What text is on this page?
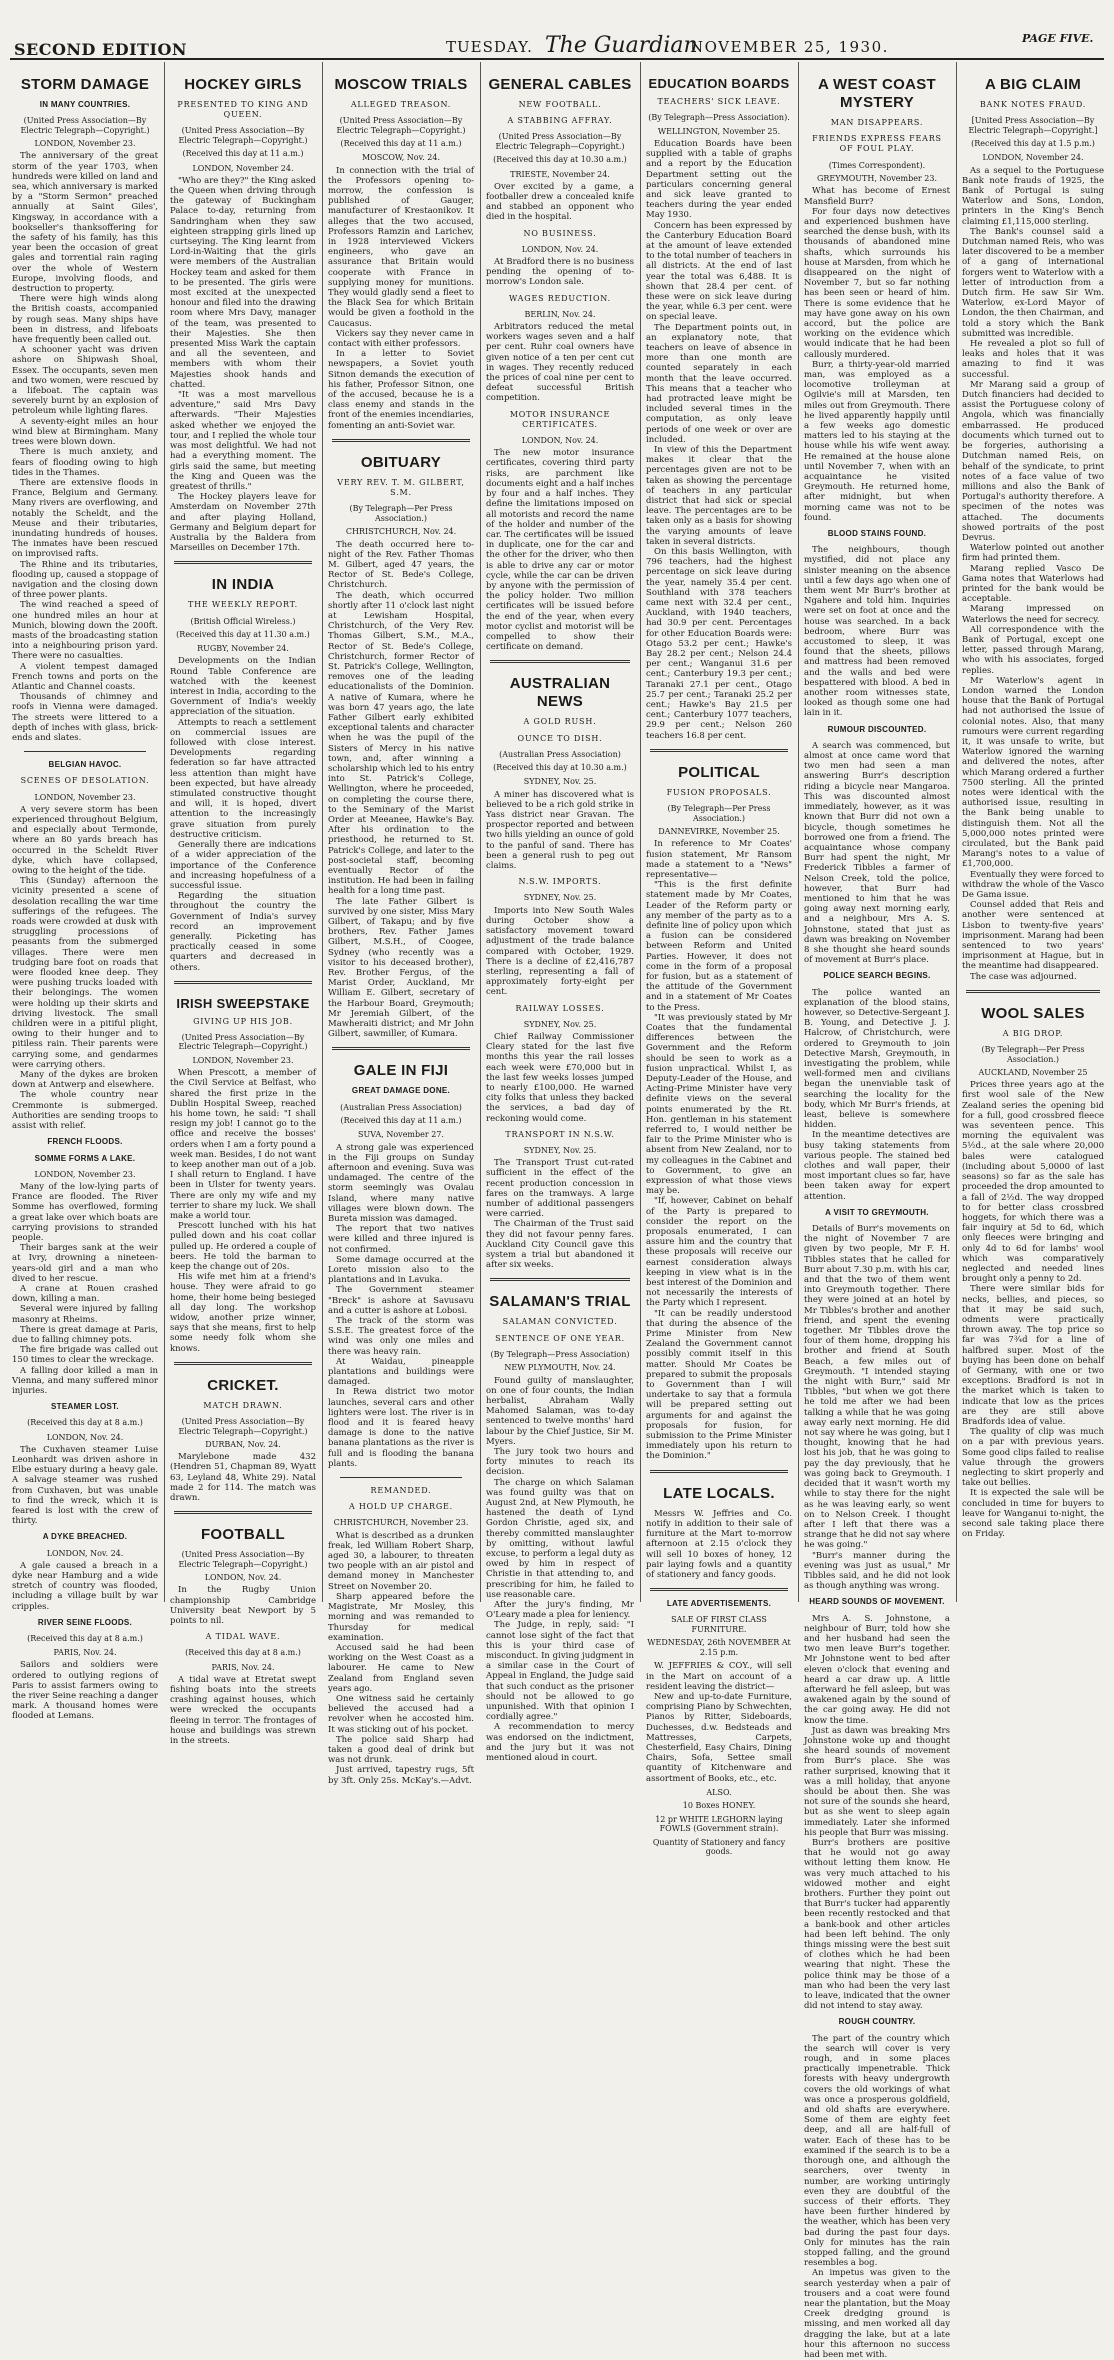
SECOND EDITION	TUESDAY. The Guardian
NOVEMBER 25, 1930.	PAGE FIVE.
STORM DAMAGE
IN MANY COUNTRIES.
(United Press Association—By Electric Telegraph—Copyright.)
LONDON, November 23.

The anniversary of the great storm of the year 1703, when hundreds were killed on land and sea, which anniversary is marked by a "Storm Sermon" preached annually at Saint Giles', Kingsway, in accordance with a bookseller's thanksoffering for the safety of his family, has this year been the occasion of great gales and torrential rain raging over the whole of Western Europe, involving floods, and destruction to property.

There were high winds along the British coasts, accompanied by rough seas. Many ships have been in distress, and lifeboats have frequently been called out.

A schooner yacht was driven ashore on Shipwash Shoal, Essex. The occupants, seven men and two women, were rescued by a lifeboat. The captain was severely burnt by an explosion of petroleum while lighting flares.

A seventy-eight miles an hour wind blew at Birmingham. Many trees were blown down.

There is much anxiety, and fears of flooding owing to high tides in the Thames.

There are extensive floods in France, Belgium and Germany. Many rivers are overflowing, and notably the Scheldt, and the Meuse and their tributaries, inundating hundreds of houses. The inmates have been rescued on improvised rafts.

The Rhine and its tributaries, flooding up, caused a stoppage of navigation and the closing down of three power plants.

The wind reached a speed of one hundred miles an hour at Munich, blowing down the 200ft. masts of the broadcasting station into a neighbouring prison yard. There were no casualties.

A violent tempest damaged French towns and ports on the Atlantic and Channel coasts.

Thousands of chimney and roofs in Vienna were damaged. The streets were littered to a depth of inches with glass, brick-ends and slates.

BELGIAN HAVOC.
SCENES OF DESOLATION.
LONDON, November 23.

A very severe storm has been experienced throughout Belgium, and especially about Termonde, where an 80 yards breach has occurred in the Scheldt River dyke, which have collapsed, owing to the height of the tide.

This (Sunday) afternoon the vicinity presented a scene of desolation recalling the war time sufferings of the refugees. The roads were crowded at dusk with struggling processions of peasants from the submerged villages. There were men trudging bare foot on roads that were flooded knee deep. They were pushing trucks loaded with their belongings. The women were holding up their skirts and driving livestock. The small children were in a pitiful plight, owing to their hunger and to pitiless rain. Their parents were carrying some, and gendarmes were carrying others.

Many of the dykes are broken down at Antwerp and elsewhere.

The whole country near Cremmonte is submerged. Authorities are sending troops to assist with relief.

FRENCH FLOODS.
SOMME FORMS A LAKE.
LONDON, November 23.

Many of the low-lying parts of France are flooded. The River Somme has overflowed, forming a great lake over which boats are carrying provisions to stranded people.

Their barges sank at the weir at Ivry, drowning a nineteen-years-old girl and a man who dived to her rescue.

A crane at Rouen crashed down, killing a man.

Several were injured by falling masonry at Rheims.

There is great damage at Paris, due to falling chimney pots.

The fire brigade was called out 150 times to clear the wreckage.

A falling door killed a man in Vienna, and many suffered minor injuries.

STEAMER LOST.
(Received this day at 8 a.m.)
LONDON, Nov. 24.

The Cuxhaven steamer Luise Leonhardt was driven ashore in Elbe estuary during a heavy gale. A salvage steamer was rushed from Cuxhaven, but was unable to find the wreck, which it is feared is lost with the crew of thirty.

A DYKE BREACHED.
LONDON, Nov. 24.

A gale caused a breach in a dyke near Hamburg and a wide stretch of country was flooded, including a village built by war cripples.

RIVER SEINE FLOODS.
(Received this day at 8 a.m.)
PARIS, Nov. 24.

Sailors and soldiers were ordered to outlying regions of Paris to assist farmers owing to the river Seine reaching a danger mark. A thousand homes were flooded at Lemans.

HOCKEY GIRLS
PRESENTED TO KING AND QUEEN.
(United Press Association—By Electric Telegraph—Copyright.)
(Received this day at 11 a.m.)
LONDON, November 24.

"Who are they?" the King asked the Queen when driving through the gateway of Buckingham Palace to-day, returning from Sandringham when they saw eighteen strapping girls lined up curtseying. The King learnt from Lord-in-Waiting that the girls were members of the Australian Hockey team and asked for them to be presented. The girls were most excited at the unexpected honour and filed into the drawing room where Mrs Davy, manager of the team, was presented to their Majesties. She then presented Miss Wark the captain and all the seventeen, and members with whom their Majesties shook hands and chatted.

"It was a most marvellous adventure," said Mrs Davy afterwards. "Their Majesties asked whether we enjoyed the tour, and I replied the whole tour was most delightful. We had not had a everything moment. The girls said the same, but meeting the King and Queen was the greatest of thrills."

The Hockey players leave for Amsterdam on November 27th and after playing Holland, Germany and Belgium depart for Australia by the Baldera from Marseilles on December 17th.

IN INDIA
THE WEEKLY REPORT.
(British Official Wireless.)
(Received this day at 11.30 a.m.)
RUGBY, November 24.

Developments on the Indian Round Table Conference are watched with the keenest interest in India, according to the Government of India's weekly appreciation of the situation.

Attempts to reach a settlement on commercial issues are followed with close interest. Developments regarding federation so far have attracted less attention than might have been expected, but have already stimulated constructive thought and will, it is hoped, divert attention to the increasingly grave situation from purely destructive criticism.

Generally there are indications of a wider appreciation of the importance of the Conference and increasing hopefulness of a successful issue.

Regarding the situation throughout the country the Government of India's survey record an improvement generally. Picketing has practically ceased in some quarters and decreased in others.

IRISH SWEEPSTAKE
GIVING UP HIS JOB.
(United Press Association—By Electric Telegraph—Copyright.)
LONDON, November 23.

When Prescott, a member of the Civil Service at Belfast, who shared the first prize in the Dublin Hospital Sweep, reached his home town, he said: "I shall resign my job! I cannot go to the office and receive the bosses' orders when I am a forty pound a week man. Besides, I do not want to keep another man out of a job. I shall return to England. I have been in Ulster for twenty years. There are only my wife and my terrier to share my luck. We shall make a world tour.

Prescott lunched with his hat pulled down and his coat collar pulled up. He ordered a couple of beers. He told the barman to keep the change out of 20s.

His wife met him at a friend's house. They were afraid to go home, their home being besieged all day long. The workshop widow, another prize winner, says that she means, first to help some needy folk whom she knows.

CRICKET.
MATCH DRAWN.
(United Press Association—By Electric Telegraph—Copyright.)
DURBAN, Nov. 24.

Marylebone made 432 (Hendren 51, Chapman 89, Wyatt 63, Leyland 48, White 29). Natal made 2 for 114. The match was drawn.

FOOTBALL
(United Press Association—By Electric Telegraph—Copyright.)
LONDON, Nov. 24.

In the Rugby Union championship Cambridge University beat Newport by 5 points to nil.

A TIDAL WAVE.
(Received this day at 8 a.m.)
PARIS, Nov. 24.

A tidal wave at Etretat swept fishing boats into the streets crashing against houses, which were wrecked the occupants fleeing in terror. The frontages of house and buildings was strewn in the streets.

MOSCOW TRIALS
ALLEGED TREASON.
(United Press Association—By Electric Telegraph—Copyright.)
(Received this day at 11 a.m.)
MOSCOW, Nov. 24.

In connection with the trial of the Professors opening to-morrow, the confession is published of Gauger, manufacturer of Krestaonikov. It alleges that the two accused, Professors Ramzin and Larichev, in 1928 interviewed Vickers engineers, who gave an assurance that Britain would cooperate with France in supplying money for munitions. They would gladly send a fleet to the Black Sea for which Britain would be given a foothold in the Caucasus.

Vickers say they never came in contact with either professors.

In a letter to Soviet newspapers, a Soviet youth Sitnon demands the execution of his father, Professor Sitnon, one of the accused, because he is a class enemy and stands in the front of the enemies incendiaries, fomenting an anti-Soviet war.

OBITUARY
VERY REV. T. M. GILBERT, S.M.
(By Telegraph—Per Press Association.)
CHRISTCHURCH, Nov. 24.

The death occurred here to-night of the Rev. Father Thomas M. Gilbert, aged 47 years, the Rector of St. Bede's College, Christchurch.

The death, which occurred shortly after 11 o'clock last night at Lewisham Hospital, Christchurch, of the Very Rev. Thomas Gilbert, S.M., M.A., Rector of St. Bede's College, Christchurch, former Rector of St. Patrick's College, Wellington, removes one of the leading educationalists of the Dominion. A native of Kumara, where he was born 47 years ago, the late Father Gilbert early exhibited exceptional talents and character when he was the pupil of the Sisters of Mercy in his native town, and, after winning a scholarship which led to his entry into St. Patrick's College, Wellington, where he proceeded, on completing the course there, to the Seminary of the Marist Order at Meeanee, Hawke's Bay. After his ordination to the priesthood, he returned to St. Patrick's College, and later to the post-societal staff, becoming eventually Rector of the institution. He had been in failing health for a long time past.

The late Father Gilbert is survived by one sister, Miss Mary Gilbert, of Takapu; and by five brothers, Rev. Father James Gilbert, M.S.H., of Coogee, Sydney (who recently was a visitor to his deceased brother), Rev. Brother Fergus, of the Marist Order, Auckland, Mr William E. Gilbert, secretary of the Harbour Board, Greymouth; Mr Jeremiah Gilbert, of the Mawheraiti district; and Mr John Gilbert, sawmiller, of Kumara.

GALE IN FIJI
GREAT DAMAGE DONE.
(Australian Press Association)
(Received this day at 11 a.m.)
SUVA, November 27.

A strong gale was experienced in the Fiji groups on Sunday afternoon and evening. Suva was undamaged. The centre of the storm seemingly was Ovalau Island, where many native villages were blown down. The Bureta mission was damaged.

The report that two natives were killed and three injured is not confirmed.

Some damage occurred at the Loreto mission also to the plantations and in Lavuka.

The Government steamer "Breck" is ashore at Savusavu and a cutter is ashore at Lobosi.

The track of the storm was S.S.E. The greatest force of the wind was only one miles and there was heavy rain.

At Waidau, pineapple plantations and buildings were damaged.

In Rewa district two motor launches, several cars and other lighters were lost. The river is in flood and it is feared heavy damage is done to the native banana plantations as the river is full and is flooding the banana plants.

REMANDED.
A HOLD UP CHARGE.
CHRISTCHURCH, November 23.

What is described as a drunken freak, led William Robert Sharp, aged 30, a labourer, to threaten two people with an air pistol and demand money in Manchester Street on November 20.

Sharp appeared before the Magistrate, Mr Mosley, this morning and was remanded to Thursday for medical examination.

Accused said he had been working on the West Coast as a labourer. He came to New Zealand from England seven years ago.

One witness said he certainly believed the accused had a revolver when he accosted him. It was sticking out of his pocket.

The police said Sharp had taken a good deal of drink but was not drunk.

Just arrived, tapestry rugs, 5ft by 3ft. Only 25s. McKay's.—Advt.

GENERAL CABLES
NEW FOOTBALL.
A STABBING AFFRAY.
(United Press Association—By Electric Telegraph—Copyright.)
(Received this day at 10.30 a.m.)
TRIESTE, November 24.

Over excited by a game, a footballer drew a concealed knife and stabbed an opponent who died in the hospital.

NO BUSINESS.
LONDON, Nov. 24.

At Bradford there is no business pending the opening of to-morrow's London sale.

WAGES REDUCTION.
BERLIN, Nov. 24.

Arbitrators reduced the metal workers wages seven and a half per cent. Ruhr coal owners have given notice of a ten per cent cut in wages. They recently reduced the prices of coal nine per cent to defeat successful British competition.

MOTOR INSURANCE CERTIFICATES.
LONDON, Nov. 24.

The new motor insurance certificates, covering third party risks, are parchment like documents eight and a half inches by four and a half inches. They define the limitations imposed on all motorists and record the name of the holder and number of the car. The certificates will be issued in duplicate, one for the car and the other for the driver, who then is able to drive any car or motor cycle, while the car can be driven by anyone with the permission of the policy holder. Two million certificates will be issued before the end of the year, when every motor cyclist and motorist will be compelled to show their certificate on demand.

AUSTRALIAN NEWS
A GOLD RUSH.
OUNCE TO DISH.
(Australian Press Association)
(Received this day at 10.30 a.m.)
SYDNEY, Nov. 25.

A miner has discovered what is believed to be a rich gold strike in Yass district near Gravan. The prospector reported and between two hills yielding an ounce of gold to the panful of sand. There has been a general rush to peg out claims.

N.S.W. IMPORTS.
SYDNEY, Nov. 25.

Imports into New South Wales during October show a satisfactory movement toward adjustment of the trade balance compared with October, 1929. There is a decline of £2,416,787 sterling, representing a fall of approximately forty-eight per cent.

RAILWAY LOSSES.
SYDNEY, Nov. 25.

Chief Railway Commissioner Cleary stated for the last five months this year the rail losses each week were £70,000 but in the last few weeks losses jumped to nearly £100,000. He warned city folks that unless they backed the services, a bad day of reckoning would come.

TRANSPORT IN N.S.W.
SYDNEY, Nov. 25.

The Transport Trust cut-rated sufficient in the effect of the recent production concession in fares on the tramways. A large number of additional passengers were carried.

The Chairman of the Trust said they did not favour penny fares. Auckland City Council gave this system a trial but abandoned it after six weeks.

SALAMAN'S TRIAL
SALAMAN CONVICTED.
SENTENCE OF ONE YEAR.
(By Telegraph—Press Association)
NEW PLYMOUTH, Nov. 24.

Found guilty of manslaughter, on one of four counts, the Indian herbalist, Abraham Wally Mahomed Salaman, was to-day sentenced to twelve months' hard labour by the Chief Justice, Sir M. Myers.

The jury took two hours and forty minutes to reach its decision.

The charge on which Salaman was found guilty was that on August 2nd, at New Plymouth, he hastened the death of Lynd Gordon Christie, aged six, and thereby committed manslaughter by omitting, without lawful excuse, to perform a legal duty as owed by him in respect of Christie in that attending to, and prescribing for him, he failed to use reasonable care.

After the jury's finding, Mr O'Leary made a plea for leniency.

The Judge, in reply, said: "I cannot lose sight of the fact that this is your third case of misconduct. In giving judgment in a similar case in the Court of Appeal in England, the Judge said that such conduct as the prisoner should not be allowed to go unpunished. With that opinion I cordially agree."

A recommendation to mercy was endorsed on the indictment, and the jury but it was not mentioned aloud in court.

EDUCATION BOARDS
TEACHERS' SICK LEAVE.
(By Telegraph—Press Association).
WELLINGTON, November 25.

Education Boards have been supplied with a table of graphs and a report by the Education Department setting out the particulars concerning general and sick leave granted to teachers during the year ended May 1930.

Concern has been expressed by the Canterbury Education Board at the amount of leave extended to the total number of teachers in all districts. At the end of last year the total was 6,488. It is shown that 28.4 per cent. of these were on sick leave during the year, while 6.3 per cent. were on special leave.

The Department points out, in an explanatory note, that teachers on leave of absence in more than one month are counted separately in each month that the leave occurred. This means that a teacher who had protracted leave might be included several times in the computation, as only leave periods of one week or over are included.

In view of this the Department makes it clear that the percentages given are not to be taken as showing the percentage of teachers in any particular district that had sick or special leave. The percentages are to be taken only as a basis for showing the varying amounts of leave taken in several districts.

On this basis Wellington, with 796 teachers, had the highest percentage on sick leave during the year, namely 35.4 per cent. Southland with 378 teachers came next with 32.4 per cent., Auckland, with 1940 teachers, had 30.9 per cent. Percentages for other Education Boards were: Otago 53.2 per cent.; Hawke's Bay 28.2 per cent.; Nelson 24.4 per cent.; Wanganui 31.6 per cent.; Canterbury 19.3 per cent.; Taranaki 27.1 per cent., Otago 25.7 per cent.; Taranaki 25.2 per cent.; Hawke's Bay 21.5 per cent.; Canterbury 1077 teachers, 29.9 per cent.; Nelson 260 teachers 16.8 per cent.

POLITICAL
FUSION PROPOSALS.
(By Telegraph—Per Press Association.)
DANNEVIRKE, November 25.

In reference to Mr Coates' fusion statement, Mr Ransom made a statement to a "News" representative—

"This is the first definite statement made by Mr Coates, Leader of the Reform party or any member of the party as to a definite line of policy upon which a fusion can be considered between Reform and United Parties. However, it does not come in the form of a proposal for fusion, but as a statement of the attitude of the Government and in a statement of Mr Coates to the Press.

"It was previously stated by Mr Coates that the fundamental differences between the Government and the Reform should be seen to work as a fusion unpractical. Whilst I, as Deputy-Leader of the House, and Acting-Prime Minister have very definite views on the several points enumerated by the Rt. Hon. gentleman in his statement referred to, I would neither be fair to the Prime Minister who is absent from New Zealand, nor to my colleagues in the Cabinet and to Government, to give an expression of what those views may be.

"If, however, Cabinet on behalf of the Party is prepared to consider the report on the proposals enumerated, I can assure him and the country that these proposals will receive our earnest consideration always keeping in view what is in the best interest of the Dominion and not necessarily the interests of the Party which I represent.

"It can be readily understood that during the absence of the Prime Minister from New Zealand the Government cannot possibly commit itself in this matter. Should Mr Coates be prepared to submit the proposals to Government than I will undertake to say that a formula will be prepared setting out arguments for and against the proposals for fusion, for submission to the Prime Minister immediately upon his return to the Dominion."

LATE LOCALS.

Messrs W. Jeffries and Co. notify in addition to their sale of furniture at the Mart to-morrow afternoon at 2.15 o'clock they will sell 10 boxes of honey, 12 pair laying fowls and a quantity of stationery and fancy goods.

LATE ADVERTISEMENTS.
SALE OF FIRST CLASS FURNITURE.
WEDNESDAY, 26th NOVEMBER At 2.15 p.m.

W. JEFFRIES & COY., will sell in the Mart on account of a resident leaving the district—

New and up-to-date Furniture, comprising Piano by Schwechten, Pianos by Ritter, Sideboards, Duchesses, d.w. Bedsteads and Mattresses, Carpets, Chesterfield, Easy Chairs, Dining Chairs, Sofa, Settee small quantity of Kitchenware and assortment of Books, etc., etc.

ALSO.
10 Boxes HONEY.
12 pr WHITE LEGHORN laying FOWLS (Government strain).
Quantity of Stationery and fancy goods.
A WEST COAST MYSTERY
MAN DISAPPEARS.
FRIENDS EXPRESS FEARS OF FOUL PLAY.
(Times Correspondent).
GREYMOUTH, November 23.

What has become of Ernest Mansfield Burr?

For four days now detectives and experienced bushmen have searched the dense bush, with its thousands of abandoned mine shafts, which surrounds his house at Marsden, from which he disappeared on the night of November 7, but so far nothing has been seen or heard of him. There is some evidence that he may have gone away on his own accord, but the police are working on the evidence which would indicate that he had been callously murdered.

Burr, a thirty-year-old married man, was employed as a locomotive trolleyman at Ogilvie's mill at Marsden, ten miles out from Greymouth. There he lived apparently happily until a few weeks ago domestic matters led to his staying at the house while his wife went away. He remained at the house alone until November 7, when with an acquaintance he visited Greymouth. He returned home, after midnight, but when morning came was not to be found.

BLOOD STAINS FOUND.

The neighbours, though mystified, did not place any sinister meaning on the absence until a few days ago when one of them went Mr Burr's brother at Ngahere and told him. Inquiries were set on foot at once and the house was searched. In a back bedroom, where Burr was accustomed to sleep, it was found that the sheets, pillows and mattress had been removed and the walls and bed were bespattered with blood. A bed in another room witnesses state, looked as though some one had lain in it.

RUMOUR DISCOUNTED.

A search was commenced, but almost at once came word that two men had seen a man answering Burr's description riding a bicycle near Mangaroa. This was discounted almost immediately, however, as it was known that Burr did not own a bicycle, though sometimes he borrowed one from a friend. The acquaintance whose company Burr had spent the night, Mr Frederick Tibbles a farmer of Nelson Creek, told the police, however, that Burr had mentioned to him that he was going away next morning early, and a neighbour, Mrs A. S. Johnstone, stated that just as dawn was breaking on November 8 she thought she heard sounds of movement at Burr's place.

POLICE SEARCH BEGINS.

The police wanted an explanation of the blood stains, however, so Detective-Sergeant J. B. Young, and Detective J. J. Halcrow, of Christchurch, were ordered to Greymouth to join Detective Marsh, Greymouth, in investigating the problem, while well-formed men and civilians began the unenviable task of searching the locality for the body, which Mr Burr's friends, at least, believe is somewhere hidden.

In the meantime detectives are busy taking statements from various people. The stained bed clothes and wall paper, their most important clues so far, have been taken away for expert attention.

A VISIT TO GREYMOUTH.

Details of Burr's movements on the night of November 7 are given by two people, Mr F. H. Tibbles states that he called for Burr about 7.30 p.m. with his car, and that the two of them went into Greymouth together. There they were joined at an hotel by Mr Tibbles's brother and another friend, and spent the evening together. Mr Tibbles drove the four of them home, dropping his brother and friend at South Beach, a few miles out of Greymouth. "I intended staying the night with Burr," said Mr Tibbles, "but when we got there he told me after we had been talking a while that he was going away early next morning. He did not say where he was going, but I thought, knowing that he had lost his job, that he was going to pay the day previously, that he was going back to Greymouth. I decided that it wasn't worth my while to stay there for the night as he was leaving early, so went on to Nelson Creek. I thought after I left that there was a strange that he did not say where he was going."

"Burr's manner during the evening was just as usual," Mr Tibbles said, and he did not look as though anything was wrong.

HEARD SOUNDS OF MOVEMENT.

Mrs A. S. Johnstone, a neighbour of Burr, told how she and her husband had seen the two men leave Burr's together. Mr Johnstone went to bed after eleven o'clock that evening and heard a car draw up. A little afterward he fell asleep, but was awakened again by the sound of the car going away. He did not know the time.

Just as dawn was breaking Mrs Johnstone woke up and thought she heard sounds of movement from Burr's place. She was rather surprised, knowing that it was a mill holiday, that anyone should be about then. She was not sure of the sounds she heard, but as she went to sleep again immediately. Later she informed his people that Burr was missing.

Burr's brothers are positive that he would not go away without letting them know. He was very much attached to his widowed mother and eight brothers. Further they point out that Burr's tucker had apparently been recently restocked and that a bank-book and other articles had been left behind. The only things missing were the best suit of clothes which he had been wearing that night. These the police think may be those of a man who had been the very last to leave, indicated that the owner did not intend to stay away.

ROUGH COUNTRY.

The part of the country which the search will cover is very rough, and in some places practically impenetrable. Thick forests with heavy undergrowth covers the old workings of what was once a prosperous goldfield, and old shafts are everywhere. Some of them are eighty feet deep, and all are half-full of water. Each of these has to be examined if the search is to be a thorough one, and although the searchers, over twenty in number, are working untiringly even they are doubtful of the success of their efforts. They have been further hindered by the weather, which has been very bad during the past four days. Only for minutes has the rain stopped falling, and the ground resembles a bog.

An impetus was given to the search yesterday when a pair of trousers and a coat were found near the plantation, but the Moay Creek dredging ground is missing, and men worked all day dragging the lake, but at a late hour this afternoon no success had been met with.

A BIG CLAIM
BANK NOTES FRAUD.
[United Press Association—By Electric Telegraph—Copyright.]
(Received this day at 1.5 p.m.)
LONDON, November 24.

As a sequel to the Portuguese Bank note frauds of 1925, the Bank of Portugal is suing Waterlow and Sons, London, printers in the King's Bench claiming £1,115,000 sterling.

The Bank's counsel said a Dutchman named Reis, who was later discovered to be a member of a gang of international forgers went to Waterlow with a letter of introduction from a Dutch firm. He saw Sir Wm. Waterlow, ex-Lord Mayor of London, the then Chairman, and told a story which the Bank submitted was incredible.

He revealed a plot so full of leaks and holes that it was amazing to find it was successful.

Mr Marang said a group of Dutch financiers had decided to assist the Portuguese colony of Angola, which was financially embarrassed. He produced documents which turned out to be forgeries, authorising a Dutchman named Reis, on behalf of the syndicate, to print notes of a face value of two millions and also the Bank of Portugal's authority therefore. A specimen of the notes was attached. The documents showed portraits of the post Devrus.

Waterlow pointed out another firm had printed them.

Marang replied Vasco De Gama notes that Waterlows had printed for the bank would be acceptable.

Marang impressed on Waterlows the need for secrecy.

All correspondence with the Bank of Portugal, except one letter, passed through Marang, who with his associates, forged replies.

Mr Waterlow's agent in London warned the London house that the Bank of Portugal had not authorised the issue of colonial notes. Also, that many rumours were current regarding it, it was unsafe to write, but Waterlow ignored the warning and delivered the notes, after which Marang ordered a further 7500 sterling. All the printed notes were identical with the authorised issue, resulting in the Bank being unable to distinguish them. Not all the 5,000,000 notes printed were circulated, but the Bank paid Marang's notes to a value of £1,700,000.

Eventually they were forced to withdraw the whole of the Vasco De Gama issue.

Counsel added that Reis and another were sentenced at Lisbon to twenty-five years' imprisonment. Marang had been sentenced to two years' imprisonment at Hague, but in the meantime had disappeared.

The case was adjourned.

WOOL SALES
A BIG DROP.
(By Telegraph—Per Press Association.)
AUCKLAND, November 25

Prices three years ago at the first wool sale of the New Zealand series the opening bid for a full, good crossbred fleece was seventeen pence. This morning the equivalent was 5½d., at the sale where 20,000 bales were catalogued (including about 5,0000 of last seasons) so far as the sale has proceeded the drop amounted to a fall of 2½d. The way dropped to for better class crossbred hoggets, for which there was a fair inquiry at 5d to 6d, which only fleeces were bringing and only 4d to 6d for lambs' wool which was comparatively neglected and needed lines brought only a penny to 2d.

There were similar bids for necks, bellies, and pieces, so that it may be said such, odments were practically thrown away. The top price so far was 7¾d for a line of halfbred super. Most of the buying has been done on behalf of Germany, with one or two exceptions. Bradford is not in the market which is taken to indicate that low as the prices are they are still above Bradfords idea of value.

The quality of clip was much on a par with previous years. Some good clips failed to realise value through the growers neglecting to skirt properly and take out bellies.

It is expected the sale will be concluded in time for buyers to leave for Wanganui to-night, the second sale taking place there on Friday.
